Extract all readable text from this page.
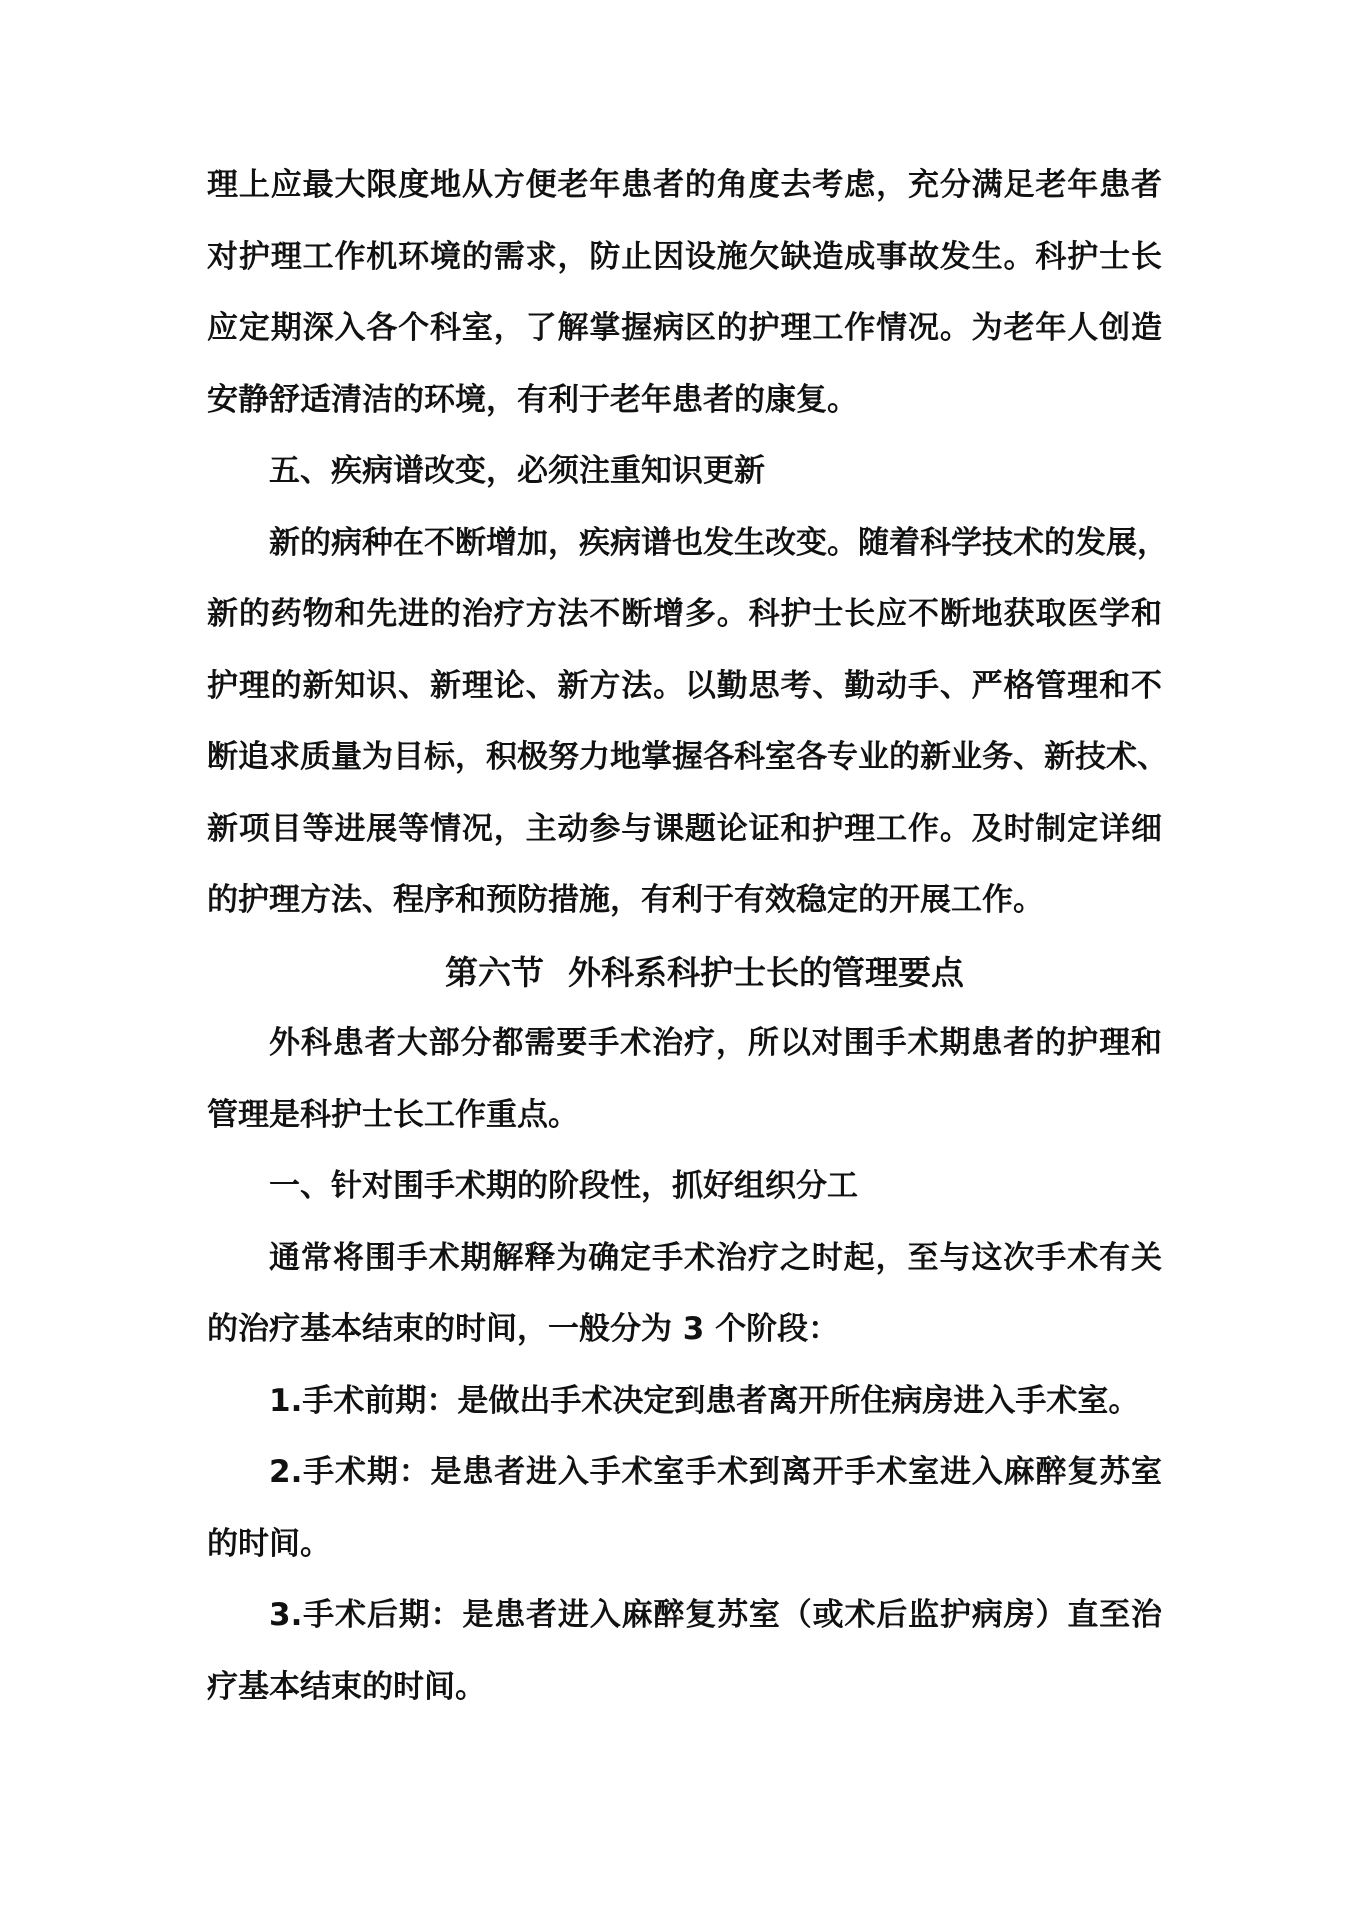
理上应最大限度地从方便老年患者的角度去考虑，充分满足老年患者
对护理工作机环境的需求，防止因设施欠缺造成事故发生。科护士长
应定期深入各个科室，了解掌握病区的护理工作情况。为老年人创造
安静舒适清洁的环境，有利于老年患者的康复。
五、疾病谱改变，必须注重知识更新
新的病种在不断增加，疾病谱也发生改变。随着科学技术的发展，
新的药物和先进的治疗方法不断增多。科护士长应不断地获取医学和
护理的新知识、新理论、新方法。以勤思考、勤动手、严格管理和不
断追求质量为目标，积极努力地掌握各科室各专业的新业务、新技术、
新项目等进展等情况，主动参与课题论证和护理工作。及时制定详细
的护理方法、程序和预防措施，有利于有效稳定的开展工作。
第六节 外科系科护士长的管理要点
外科患者大部分都需要手术治疗，所以对围手术期患者的护理和
管理是科护士长工作重点。
一、针对围手术期的阶段性，抓好组织分工
通常将围手术期解释为确定手术治疗之时起，至与这次手术有关
的治疗基本结束的时间，一般分为 3 个阶段：
1.手术前期：是做出手术决定到患者离开所住病房进入手术室。
2.手术期：是患者进入手术室手术到离开手术室进入麻醉复苏室
的时间。
3.手术后期：是患者进入麻醉复苏室（或术后监护病房）直至治
疗基本结束的时间。
